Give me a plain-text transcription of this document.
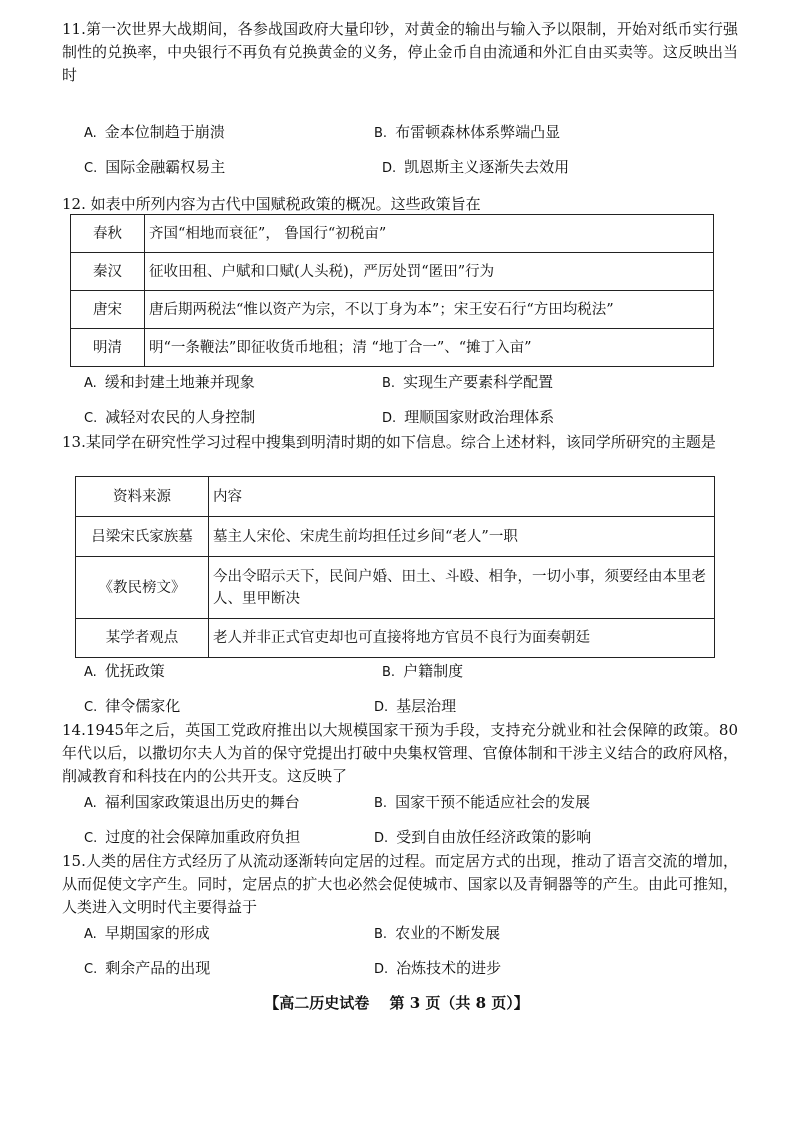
11.第一次世界大战期间，各参战国政府大量印钞，对黄金的输出与输入予以限制，开始对纸币实行强制性的兑换率，中央银行不再负有兑换黄金的义务，停止金币自由流通和外汇自由买卖等。这反映出当时
A. 金本位制趋于崩溃	B. 布雷顿森林体系弊端凸显
C. 国际金融霸权易主	D. 凯恩斯主义逐渐失去效用
12. 如表中所列内容为古代中国赋税政策的概况。这些政策旨在
春秋	齐国“相地而衰征”， 鲁国行“初税亩”
秦汉	征收田租、户赋和口赋(人头税)，严厉处罚“匿田”行为
唐宋	唐后期两税法“惟以资产为宗，不以丁身为本”；宋王安石行“方田均税法”
明清	明“一条鞭法”即征收货币地租；清 “地丁合一”、“摊丁入亩”
A. 缓和封建土地兼并现象	B. 实现生产要素科学配置
C. 减轻对农民的人身控制	D. 理顺国家财政治理体系
13.某同学在研究性学习过程中搜集到明清时期的如下信息。综合上述材料，该同学所研究的主题是
资料来源	内容
吕梁宋氏家族墓	墓主人宋伦、宋虎生前均担任过乡间“老人”一职
《教民榜文》	今出令昭示天下，民间户婚、田土、斗殴、相争，一切小事，须要经由本里老人、里甲断决
某学者观点	老人并非正式官吏却也可直接将地方官员不良行为面奏朝廷
A. 优抚政策	B. 户籍制度
C. 律令儒家化	D. 基层治理
14.1945年之后，英国工党政府推出以大规模国家干预为手段，支持充分就业和社会保障的政策。80年代以后，以撒切尔夫人为首的保守党提出打破中央集权管理、官僚体制和干涉主义结合的政府风格，削减教育和科技在内的公共开支。这反映了
A. 福利国家政策退出历史的舞台	B. 国家干预不能适应社会的发展
C. 过度的社会保障加重政府负担	D. 受到自由放任经济政策的影响
15.人类的居住方式经历了从流动逐渐转向定居的过程。而定居方式的出现，推动了语言交流的增加，从而促使文字产生。同时，定居点的扩大也必然会促使城市、国家以及青铜器等的产生。由此可推知，人类进入文明时代主要得益于
A. 早期国家的形成	B. 农业的不断发展
C. 剩余产品的出现	D. 冶炼技术的进步
【高二历史试卷　 第 3 页（共 8 页）】
